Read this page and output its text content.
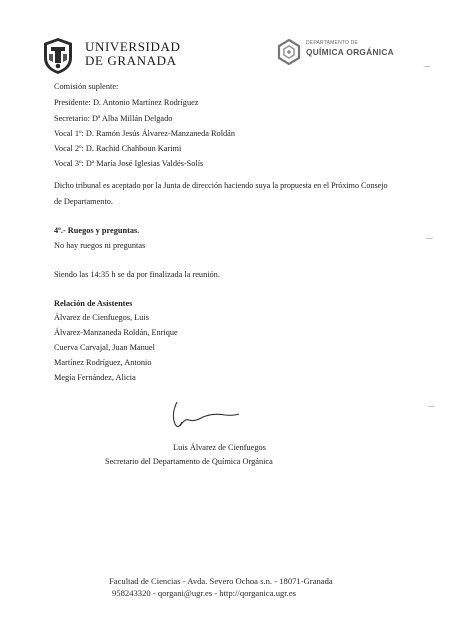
UNIVERSIDAD
DE GRANADA
DEPARTAMENTO DE
QUÍMICA ORGÁNICA
‿
‿
‿
Comisión suplente:
Presidente: D. Antonio Martínez Rodríguez
Secretario: Dª Alba Millán Delgado
Vocal 1º: D. Ramón Jesús Álvarez-Manzaneda Roldán
Vocal 2º: D. Rachid Chahboun Karimi
Vocal 3º: Dª María José Iglesias Valdés-Solís
Dicho tribunal es aceptado por la Junta de dirección haciendo suya la propuesta en el Próximo Consejo
de Departamento.
4º.- Ruegos y preguntas.
No hay ruegos ni preguntas
Siendo las 14:35 h se da por finalizada la reunión.
Relación de Asistentes
Álvarez de Cienfuegos, Luis
Álvarez-Manzaneda Roldán, Enrique
Cuerva Carvajal, Juan Manuel
Martínez Rodríguez, Antonio
Megía Fernández, Alicia
Luis Álvarez de Cienfuegos
Secretario del Departamento de Química Orgánica
Facultad de Ciencias - Avda. Severo Ochoa s.n. - 18071-Granada
958243320 - qorgani@ugr.es - http://qorganica.ugr.es
